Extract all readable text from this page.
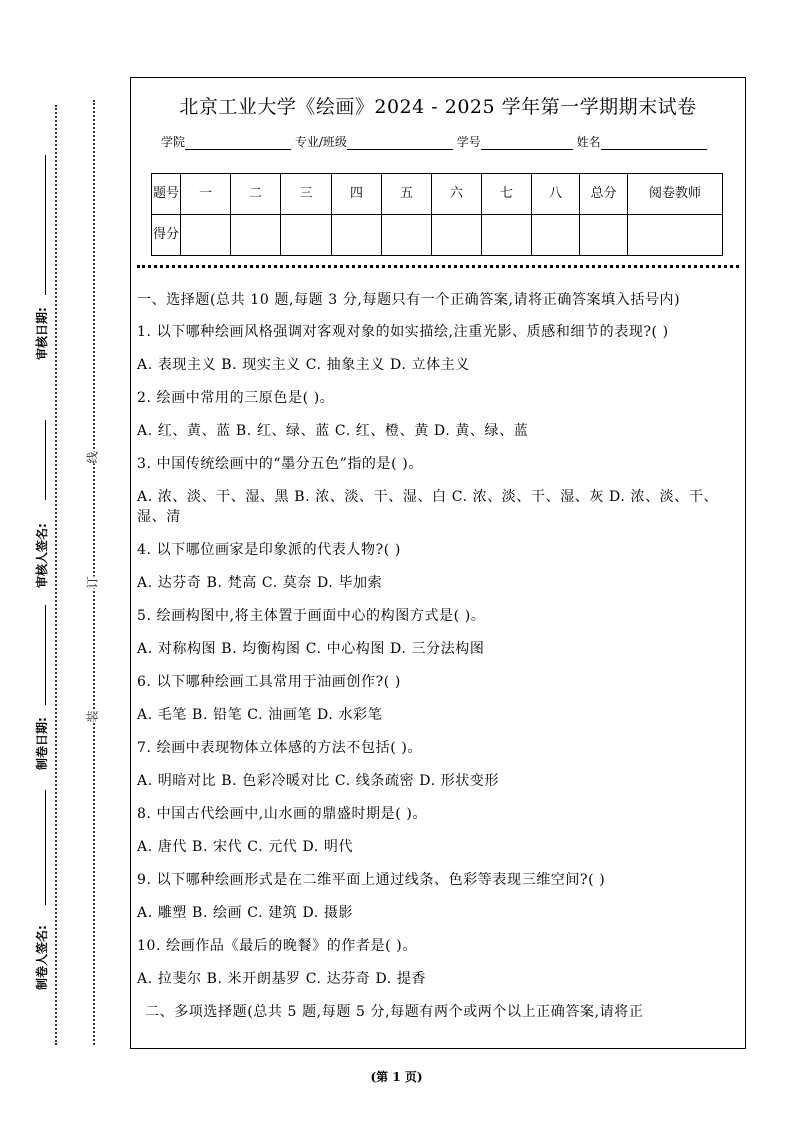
审核日期:
审核人签名:
制卷日期:
制卷人签名:
线
订
装
北京工业大学《绘画》2024 - 2025 学年第一学期期末试卷
学院	专业/班级	学号	姓名
题号	一	二	三	四	五	六	七	八	总分	阅卷教师
得分										

一、选择题(总共 10 题,每题 3 分,每题只有一个正确答案,请将正确答案填入括号内)

1. 以下哪种绘画风格强调对客观对象的如实描绘,注重光影、质感和细节的表现?( )

A. 表现主义 B. 现实主义 C. 抽象主义 D. 立体主义

2. 绘画中常用的三原色是( )。

A. 红、黄、蓝 B. 红、绿、蓝 C. 红、橙、黄 D. 黄、绿、蓝

3. 中国传统绘画中的“墨分五色”指的是( )。

A. 浓、淡、干、湿、黑 B. 浓、淡、干、湿、白 C. 浓、淡、干、湿、灰 D. 浓、淡、干、湿、清

4. 以下哪位画家是印象派的代表人物?( )

A. 达芬奇 B. 梵高 C. 莫奈 D. 毕加索

5. 绘画构图中,将主体置于画面中心的构图方式是( )。

A. 对称构图 B. 均衡构图 C. 中心构图 D. 三分法构图

6. 以下哪种绘画工具常用于油画创作?( )

A. 毛笔 B. 铅笔 C. 油画笔 D. 水彩笔

7. 绘画中表现物体立体感的方法不包括( )。

A. 明暗对比 B. 色彩冷暖对比 C. 线条疏密 D. 形状变形

8. 中国古代绘画中,山水画的鼎盛时期是( )。

A. 唐代 B. 宋代 C. 元代 D. 明代

9. 以下哪种绘画形式是在二维平面上通过线条、色彩等表现三维空间?( )

A. 雕塑 B. 绘画 C. 建筑 D. 摄影

10. 绘画作品《最后的晚餐》的作者是( )。

A. 拉斐尔 B. 米开朗基罗 C. 达芬奇 D. 提香

二、多项选择题(总共 5 题,每题 5 分,每题有两个或两个以上正确答案,请将正

(第 1 页)
